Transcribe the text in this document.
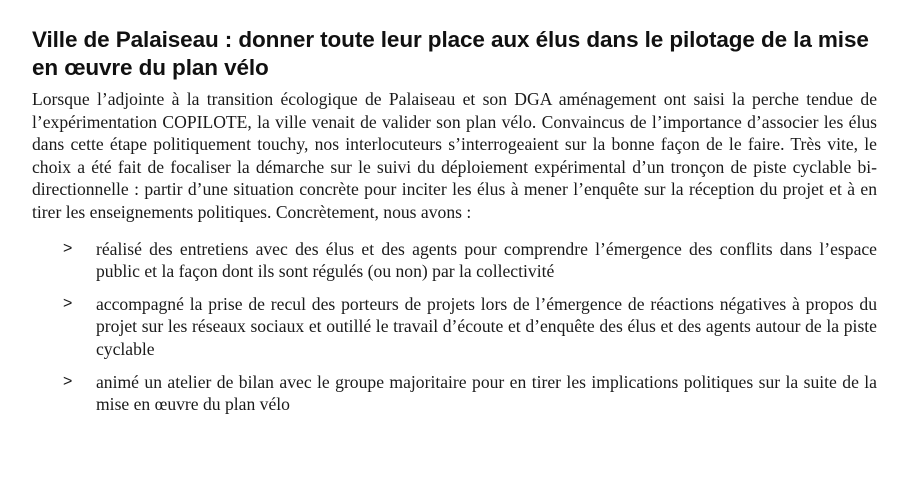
Ville de Palaiseau : donner toute leur place aux élus dans le pilotage de la mise en œuvre du plan vélo

Lorsque l’adjointe à la transition écologique de Palaiseau et son DGA aménagement ont saisi la perche tendue de l’expérimentation COPILOTE, la ville venait de valider son plan vélo. Convaincus de l’importance d’associer les élus dans cette étape politiquement touchy, nos interlocuteurs s’interrogeaient sur la bonne façon de le faire. Très vite, le choix a été fait de focaliser la démarche sur le suivi du déploiement expérimental d’un tronçon de piste cyclable bi-directionnelle : partir d’une situation concrète pour inciter les élus à mener l’enquête sur la réception du projet et à en tirer les enseignements politiques. Concrètement, nous avons :

>	réalisé des entretiens avec des élus et des agents pour comprendre l’émergence des conflits dans l’espace public et la façon dont ils sont régulés (ou non) par la collectivité
>	accompagné la prise de recul des porteurs de projets lors de l’émergence de réactions négatives à propos du projet sur les réseaux sociaux et outillé le travail d’écoute et d’enquête des élus et des agents autour de la piste cyclable
>	animé un atelier de bilan avec le groupe majoritaire pour en tirer les implications politiques sur la suite de la mise en œuvre du plan vélo
